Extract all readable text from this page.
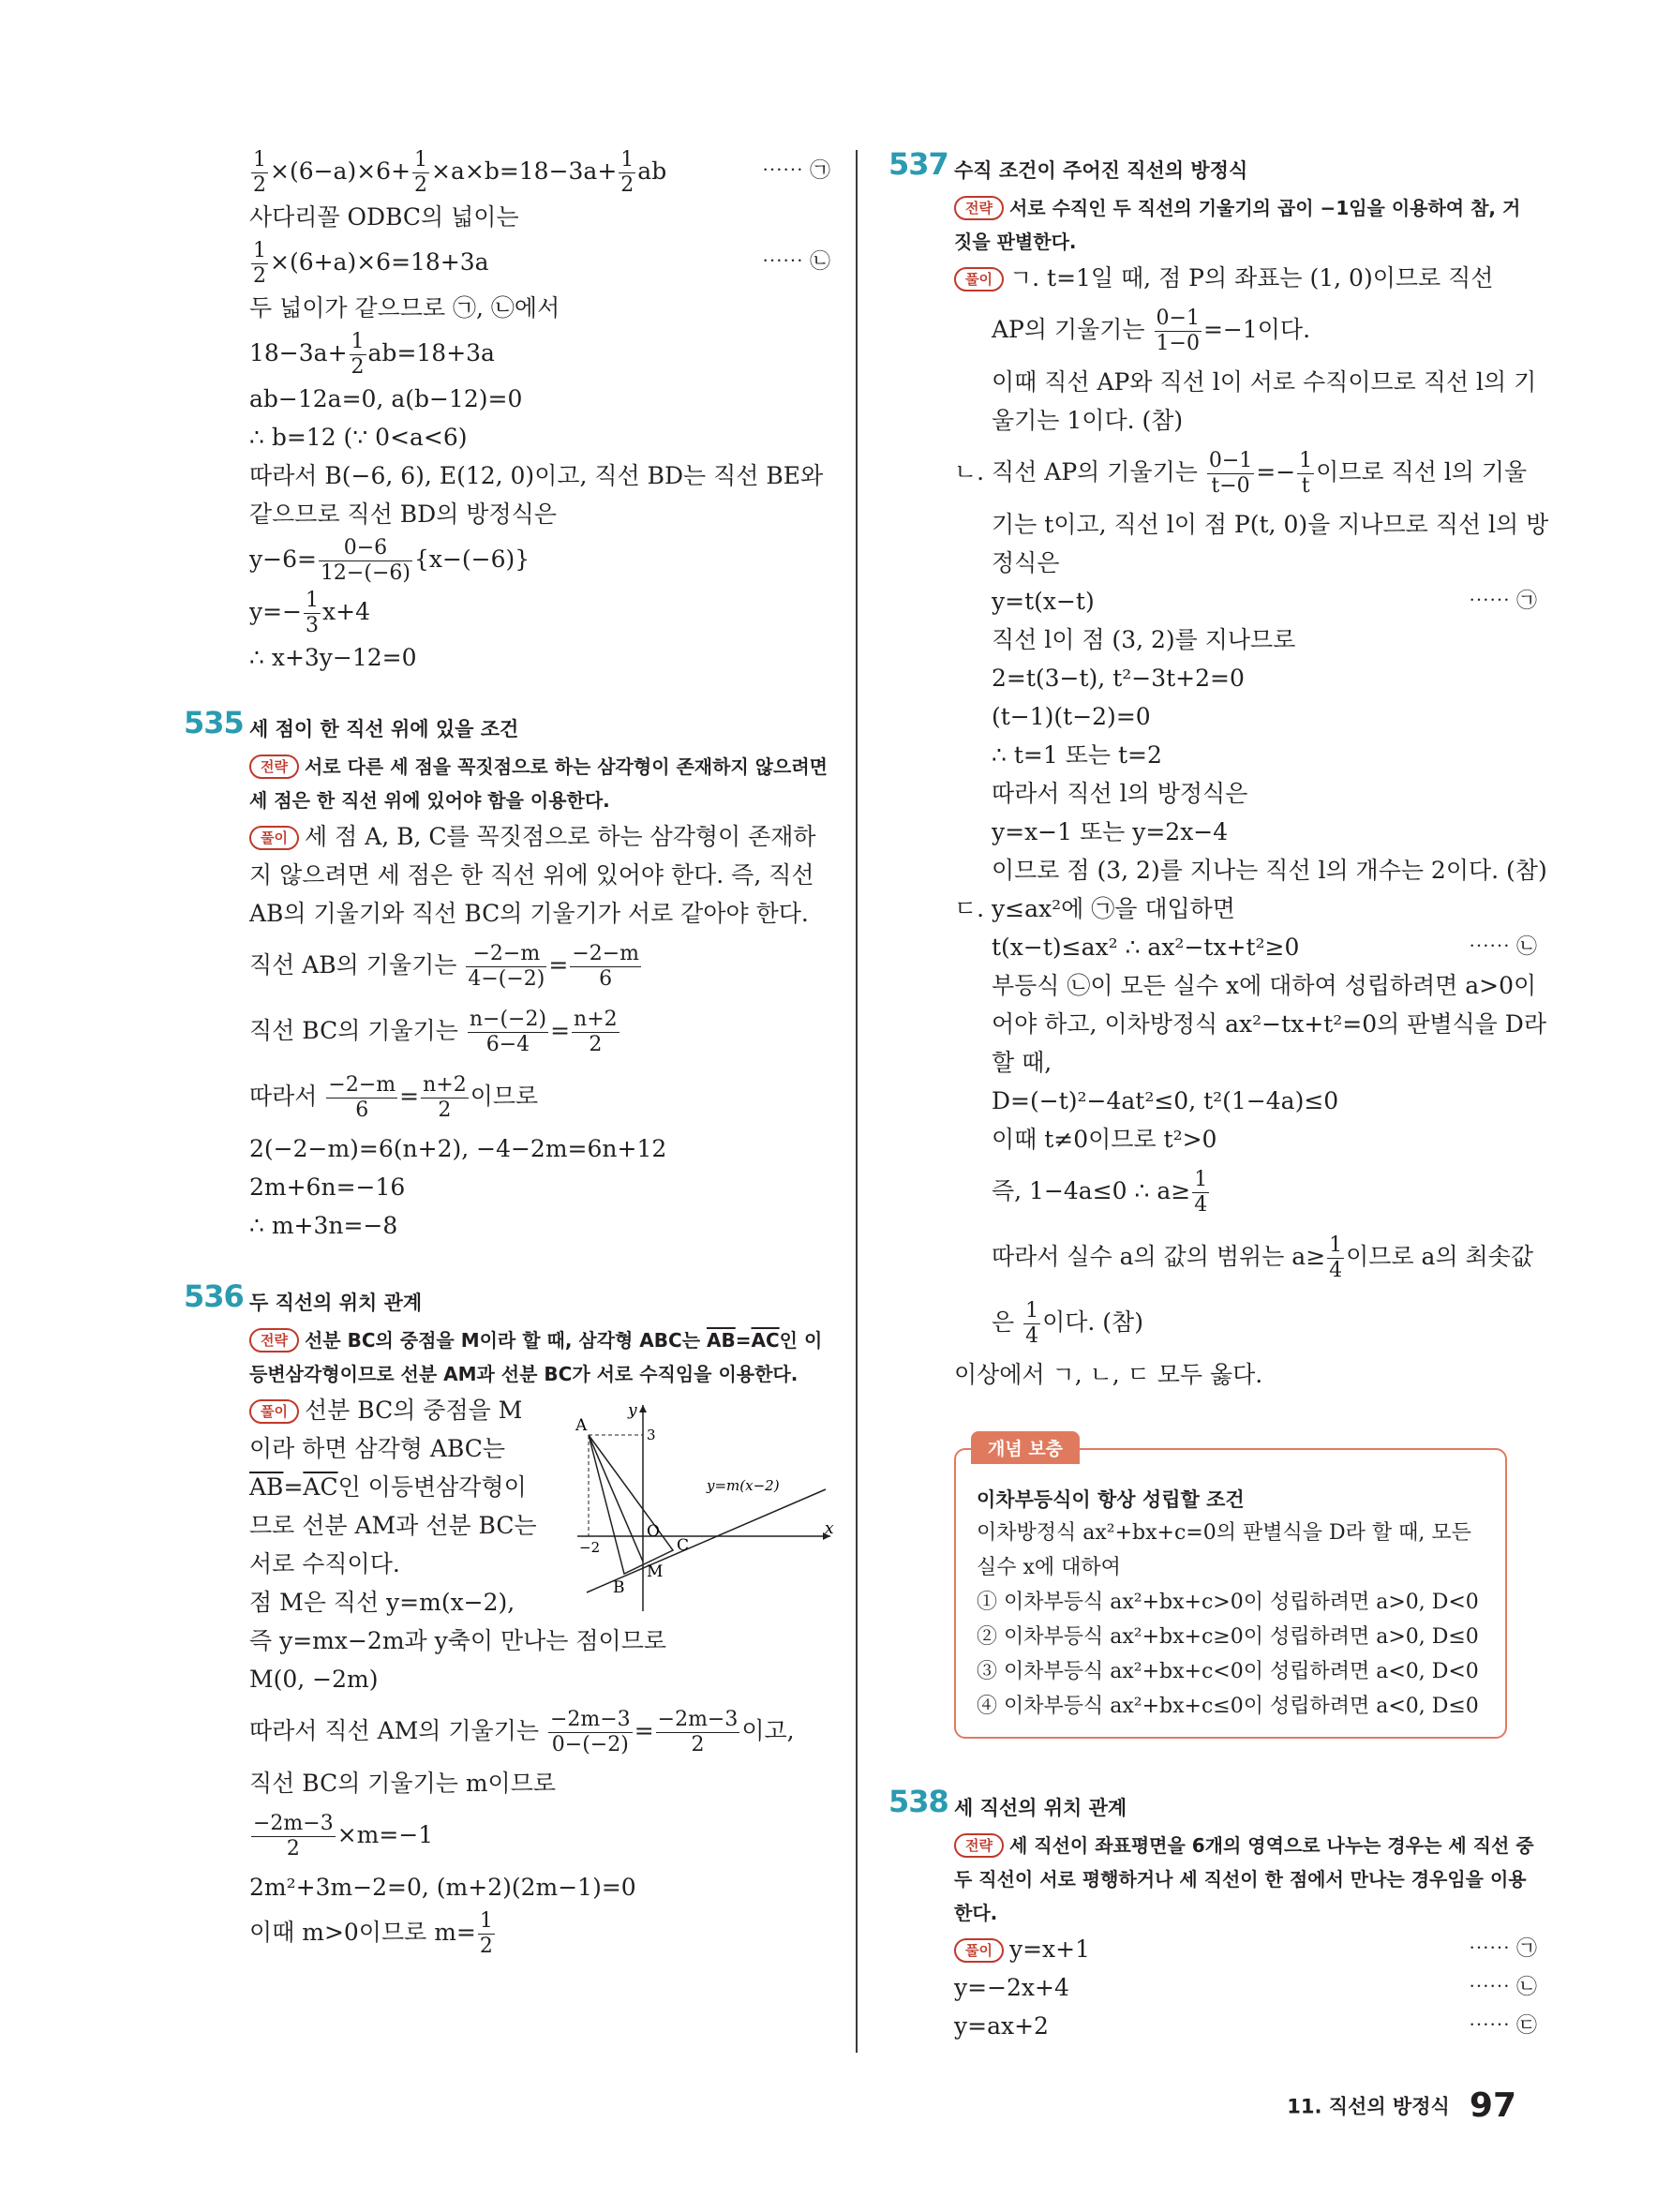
$\frac{1}{2} \times(6-a)\times 6+ \frac{1}{2} \times a\times b=18-3a+ \frac{1}{2}$ ab	⋯⋯ ㉠
사다리꼴 ODBC의 넓이는
$\frac{1}{2} \times(6+a)\times 6=18+3a$	⋯⋯ ㉡
두 넓이가 같으므로 ㉠, ㉡에서
$18-3a+ \frac{1}{2} ab=18+3a$
ab−12a=0, a(b−12)=0
∴ b=12 (∵ 0<a<6)
따라서 B(−6, 6), E(12, 0)이고, 직선 BD는 직선 BE와
같으므로 직선 BD의 방정식은
$y-6= \frac{0-6}{12-(-6)} \{x-(-6)\}$
$y=- \frac{1}{3} x+4$
∴ x+3y−12=0
535 세 점이 한 직선 위에 있을 조건
전략 서로 다른 세 점을 꼭짓점으로 하는 삼각형이 존재하지 않으려면 세 점은 한 직선 위에 있어야 함을 이용한다.
풀이 세 점 A, B, C를 꼭짓점으로 하는 삼각형이 존재하
지 않으려면 세 점은 한 직선 위에 있어야 한다. 즉, 직선
AB의 기울기와 직선 BC의 기울기가 서로 같아야 한다.
직선 AB의 기울기는 $\frac{-2-m}{4-(-2)} = \frac{-2-m}{6}$
직선 BC의 기울기는 $\frac{n-(-2)}{6-4} = \frac{n+2}{2}$
따라서 $\frac{-2-m}{6} = \frac{n+2}{2}$ 이므로
2(−2−m)=6(n+2), −4−2m=6n+12
2m+6n=−16
∴ m+3n=−8
536 두 직선의 위치 관계
전략 선분 BC의 중점을 M이라 할 때, 삼각형 ABC는 $\overline{AB}=\overline{AC}$인 이등변삼각형이므로 선분 AM과 선분 BC가 서로 수직임을 이용한다.
풀이 선분 BC의 중점을 M
이라 하면 삼각형 ABC는
$\overline{AB}=\overline{AC}$인 이등변삼각형이
므로 선분 AM과 선분 BC는
서로 수직이다.
점 M은 직선 y=m(x−2),
A
B
C
M
O	x
y
3
−2
y=m(x−2)
즉 y=mx−2m과 y축이 만나는 점이므로
M(0, −2m)
따라서 직선 AM의 기울기는 $\frac{-2m-3}{0-(-2)} = \frac{-2m-3}{2}$ 이고,
직선 BC의 기울기는 m이므로
$\frac{-2m-3}{2} \times m=-1$
2m²+3m−2=0, (m+2)(2m−1)=0
이때 m>0이므로 $m= \frac{1}{2}$
537 수직 조건이 주어진 직선의 방정식
전략 서로 수직인 두 직선의 기울기의 곱이 −1임을 이용하여 참, 거짓을 판별한다.
풀이 ㄱ. t=1일 때, 점 P의 좌표는 (1, 0)이므로 직선
AP의 기울기는 $\frac{0-1}{1-0} =-1$이다.
이때 직선 AP와 직선 l이 서로 수직이므로 직선 l의 기
울기는 1이다. (참)
ㄴ. 직선 AP의 기울기는 $\frac{0-1}{t-0} =- \frac{1}{t}$ 이므로 직선 l의 기울
기는 t이고, 직선 l이 점 P(t, 0)을 지나므로 직선 l의 방
정식은
y=t(x−t)	⋯⋯ ㉠
직선 l이 점 (3, 2)를 지나므로
2=t(3−t), t²−3t+2=0
(t−1)(t−2)=0
∴ t=1 또는 t=2
따라서 직선 l의 방정식은
y=x−1 또는 y=2x−4
이므로 점 (3, 2)를 지나는 직선 l의 개수는 2이다. (참)
ㄷ. y≤ax²에 ㉠을 대입하면
t(x−t)≤ax² ∴ ax²−tx+t²≥0	⋯⋯ ㉡
부등식 ㉡이 모든 실수 x에 대하여 성립하려면 a>0이
어야 하고, 이차방정식 ax²−tx+t²=0의 판별식을 D라
할 때,
D=(−t)²−4at²≤0, t²(1−4a)≤0
이때 t≠0이므로 t²>0
즉, 1−4a≤0 ∴ $a\ge \frac{1}{4}$
따라서 실수 a의 값의 범위는 $a\ge \frac{1}{4}$ 이므로 a의 최솟값
은 $\frac{1}{4}$ 이다. (참)
이상에서 ㄱ, ㄴ, ㄷ 모두 옳다.
개념 보충
이차부등식이 항상 성립할 조건
이차방정식 ax²+bx+c=0의 판별식을 D라 할 때, 모든
실수 x에 대하여
① 이차부등식 ax²+bx+c>0이 성립하려면 a>0, D<0
② 이차부등식 ax²+bx+c≥0이 성립하려면 a>0, D≤0
③ 이차부등식 ax²+bx+c<0이 성립하려면 a<0, D<0
④ 이차부등식 ax²+bx+c≤0이 성립하려면 a<0, D≤0
538 세 직선의 위치 관계
전략 세 직선이 좌표평면을 6개의 영역으로 나누는 경우는 세 직선 중 두 직선이 서로 평행하거나 세 직선이 한 점에서 만나는 경우임을 이용한다.
풀이 y=x+1	⋯⋯ ㉠
y=−2x+4	⋯⋯ ㉡
y=ax+2	⋯⋯ ㉢
11. 직선의 방정식 97
